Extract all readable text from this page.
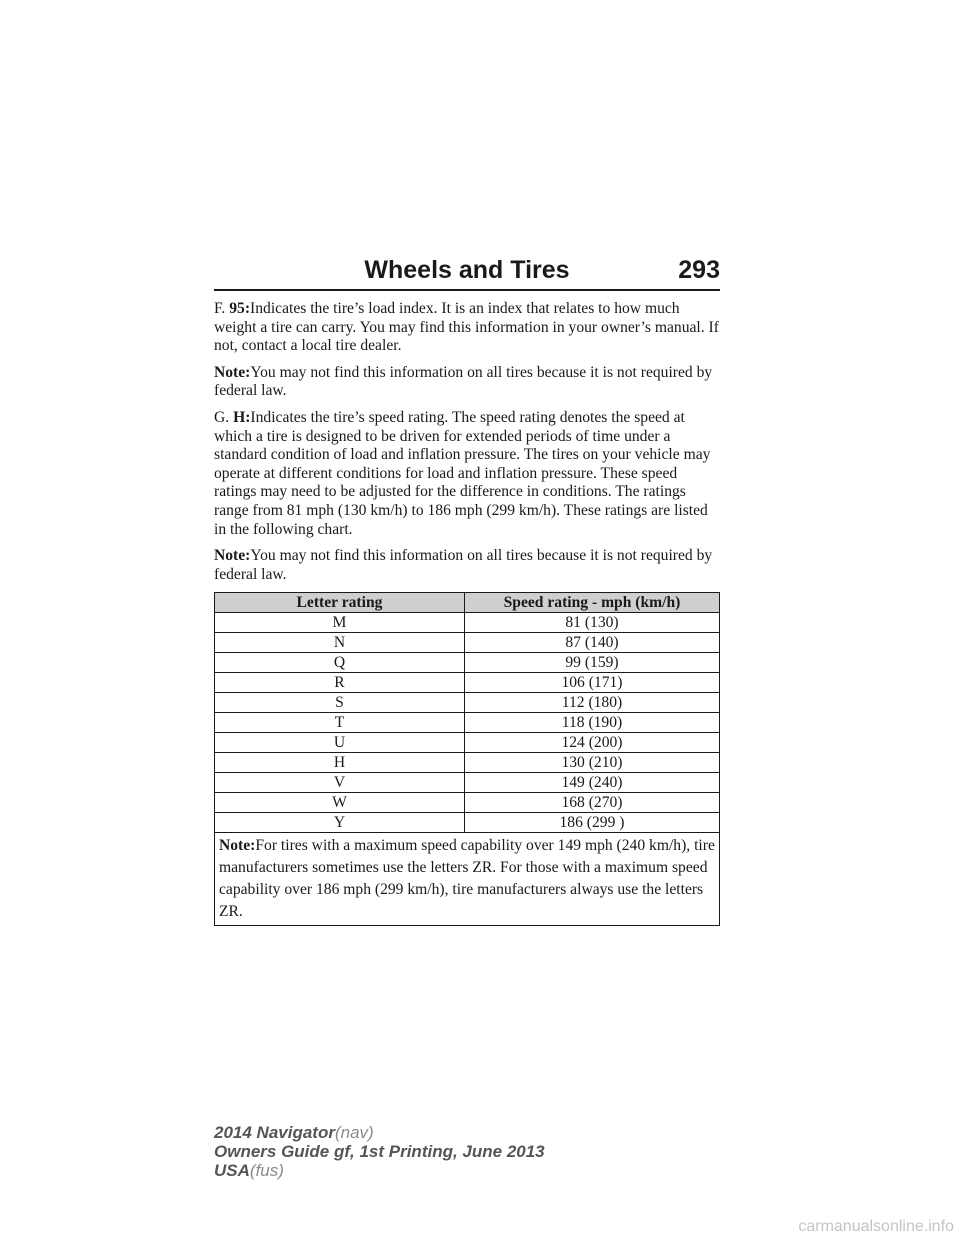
Wheels and Tires	293

F. 95:Indicates the tire’s load index. It is an index that relates to how much weight a tire can carry. You may find this information in your owner’s manual. If not, contact a local tire dealer.

Note:You may not find this information on all tires because it is not required by federal law.

G. H:Indicates the tire’s speed rating. The speed rating denotes the speed at which a tire is designed to be driven for extended periods of time under a standard condition of load and inflation pressure. The tires on your vehicle may operate at different conditions for load and inflation pressure. These speed ratings may need to be adjusted for the difference in conditions. The ratings range from 81 mph (130 km/h) to 186 mph (299 km/h). These ratings are listed in the following chart.

Note:You may not find this information on all tires because it is not required by federal law.

Letter rating	Speed rating - mph (km/h)
M	81 (130)
N	87 (140)
Q	99 (159)
R	106 (171)
S	112 (180)
T	118 (190)
U	124 (200)
H	130 (210)
V	149 (240)
W	168 (270)
Y	186 (299 )
Note:For tires with a maximum speed capability over 149 mph (240 km/h), tire manufacturers sometimes use the letters ZR. For those with a maximum speed capability over 186 mph (299 km/h), tire manufacturers always use the letters ZR.	
2014 Navigator(nav)
Owners Guide gf, 1st Printing, June 2013
USA(fus)
carmanualsonline.info
